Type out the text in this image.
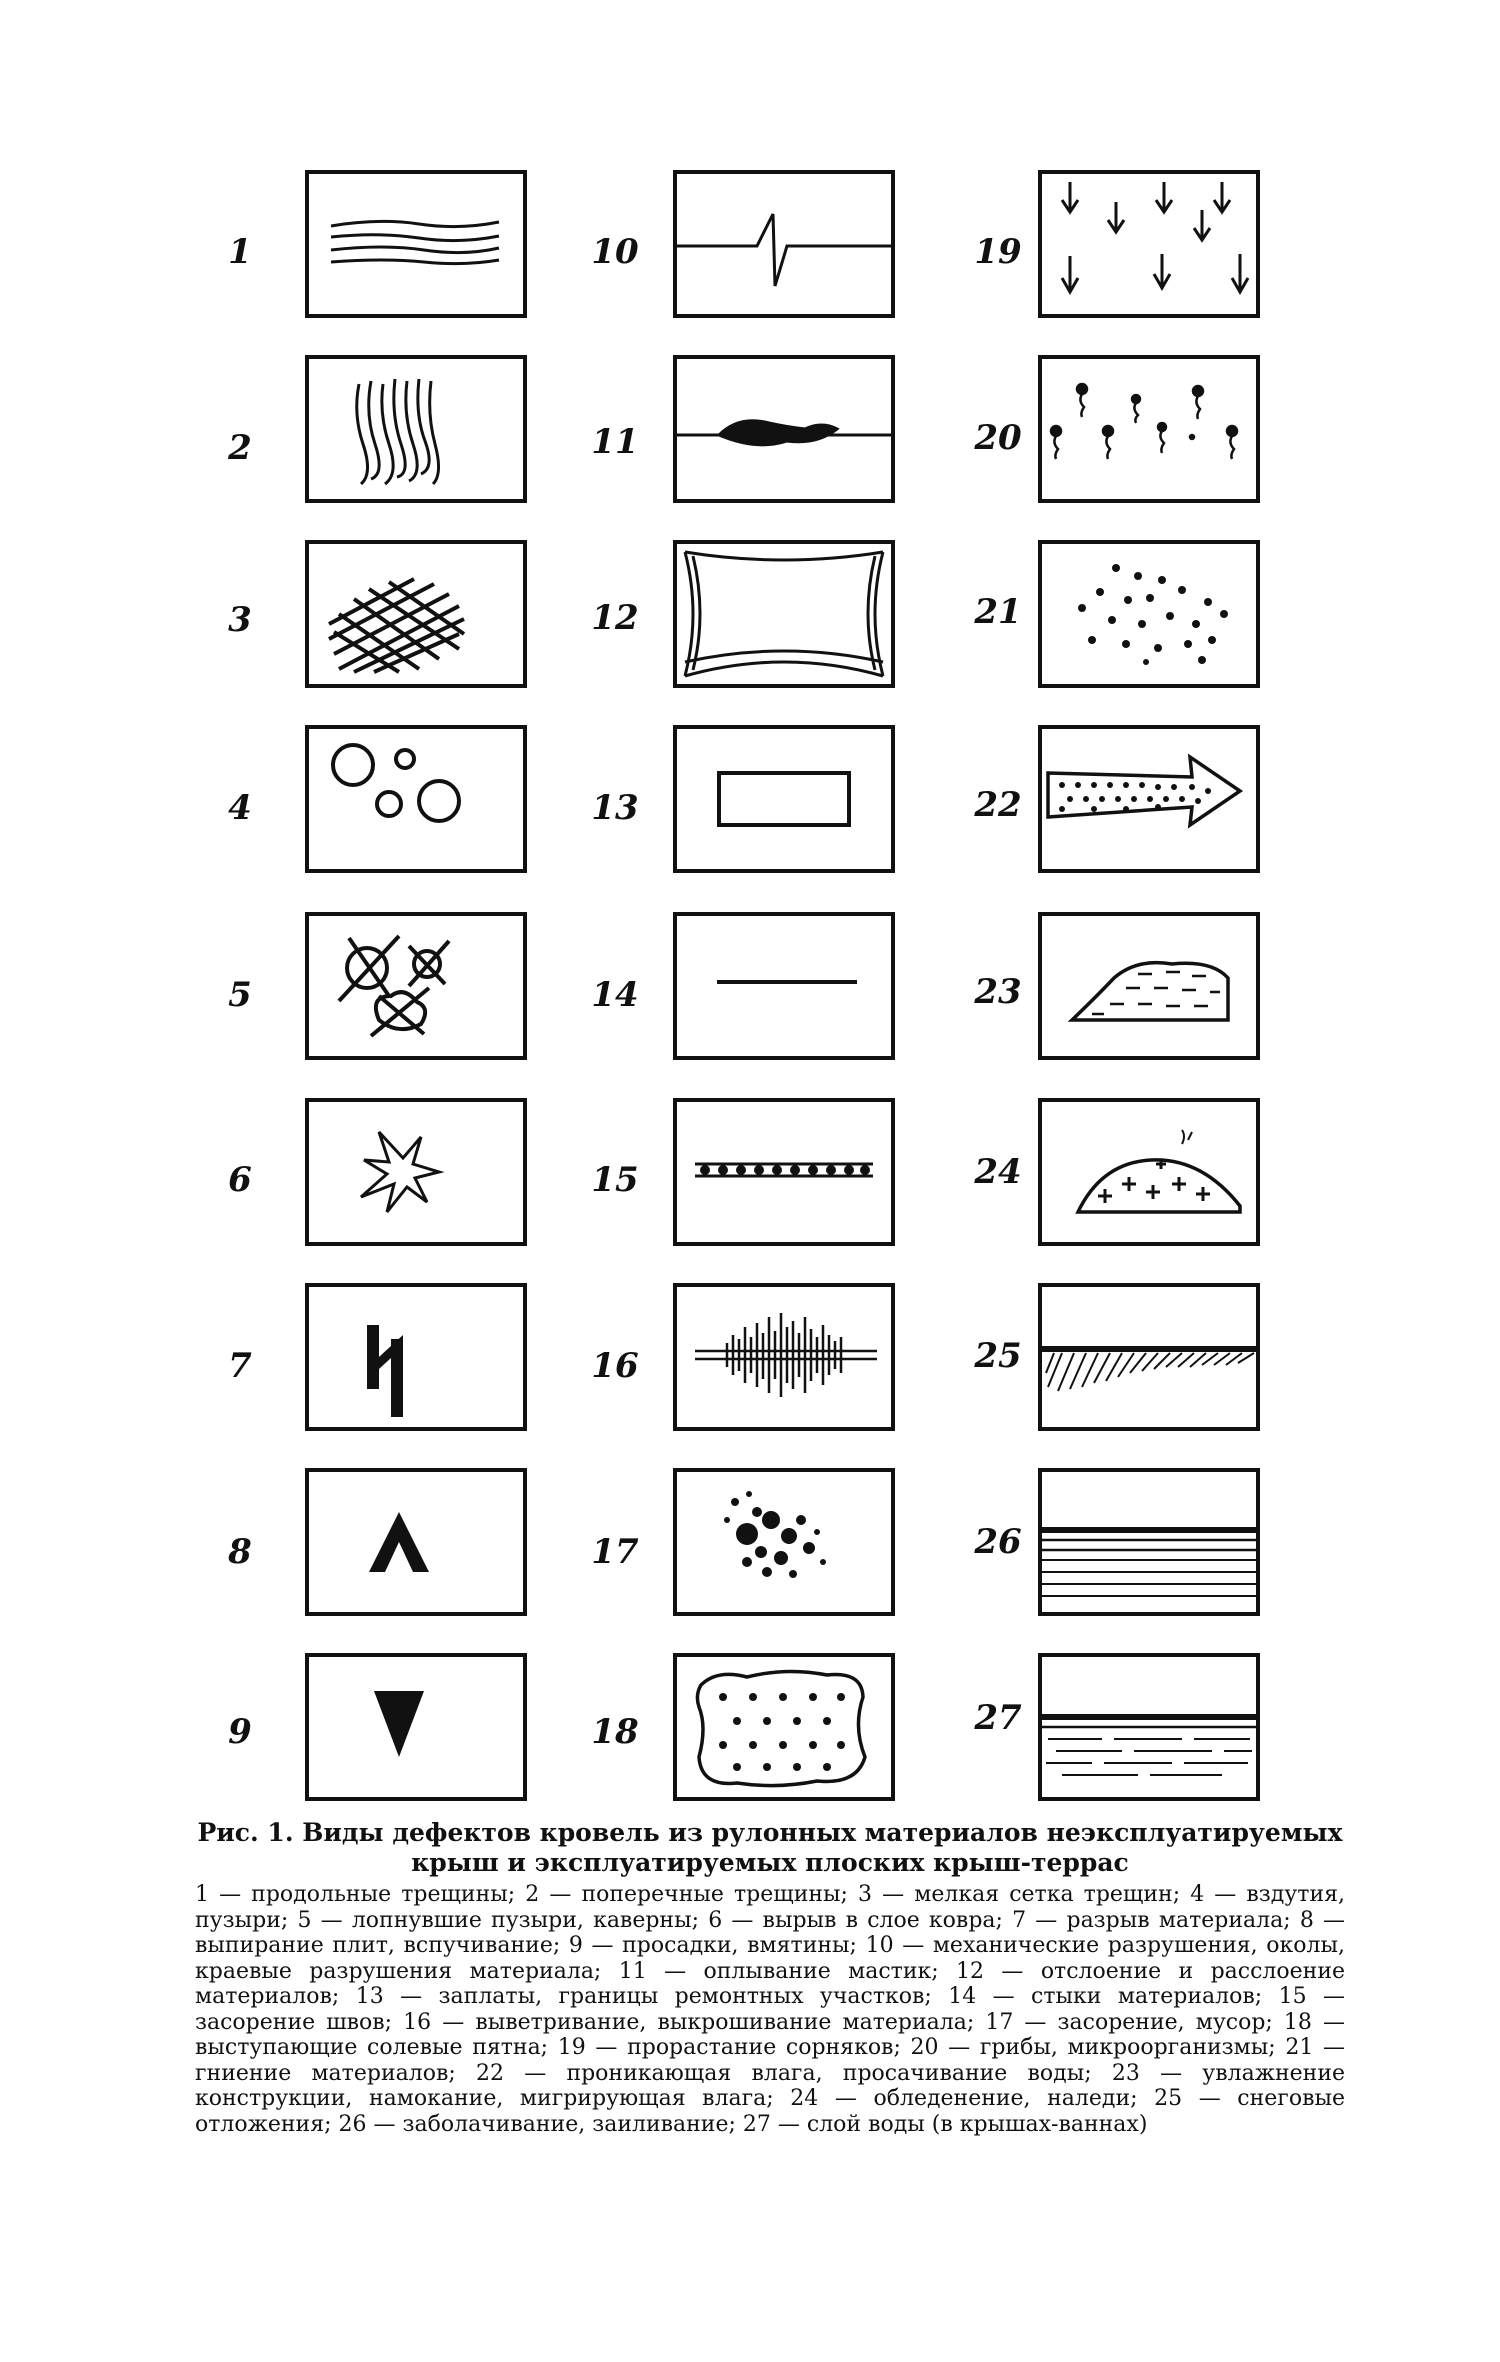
1
2
3
4
5
6
7
8
9
10
11
12
13
14
15
16
17
18
19
20
21
22
23
24
25
26
27
Рис. 1. Виды дефектов кровель из рулонных материалов неэксплуатируемых крыш и эксплуатируемых плоских крыш-террас
1 — продольные трещины; 2 — поперечные трещины; 3 — мелкая сетка трещин; 4 — вздутия, пузыри; 5 — лопнувшие пузыри, каверны; 6 — вырыв в слое ковра; 7 — разрыв материала; 8 — выпирание плит, вспучивание; 9 — просадки, вмятины; 10 — механические разрушения, околы, краевые разрушения материала; 11 — оплывание мастик; 12 — отслоение и расслоение материалов; 13 — заплаты, границы ремонтных участков; 14 — стыки материалов; 15 — засорение швов; 16 — выветривание, выкрошивание материала; 17 — засорение, мусор; 18 — выступающие солевые пятна; 19 — прорастание сорняков; 20 — грибы, микроорганизмы; 21 — гниение материалов; 22 — проникающая влага, просачивание воды; 23 — увлажнение конструкции, намокание, мигрирующая влага; 24 — обледенение, наледи; 25 — снеговые отложения; 26 — заболачивание, заиливание; 27 — слой воды (в крышах-ваннах)
